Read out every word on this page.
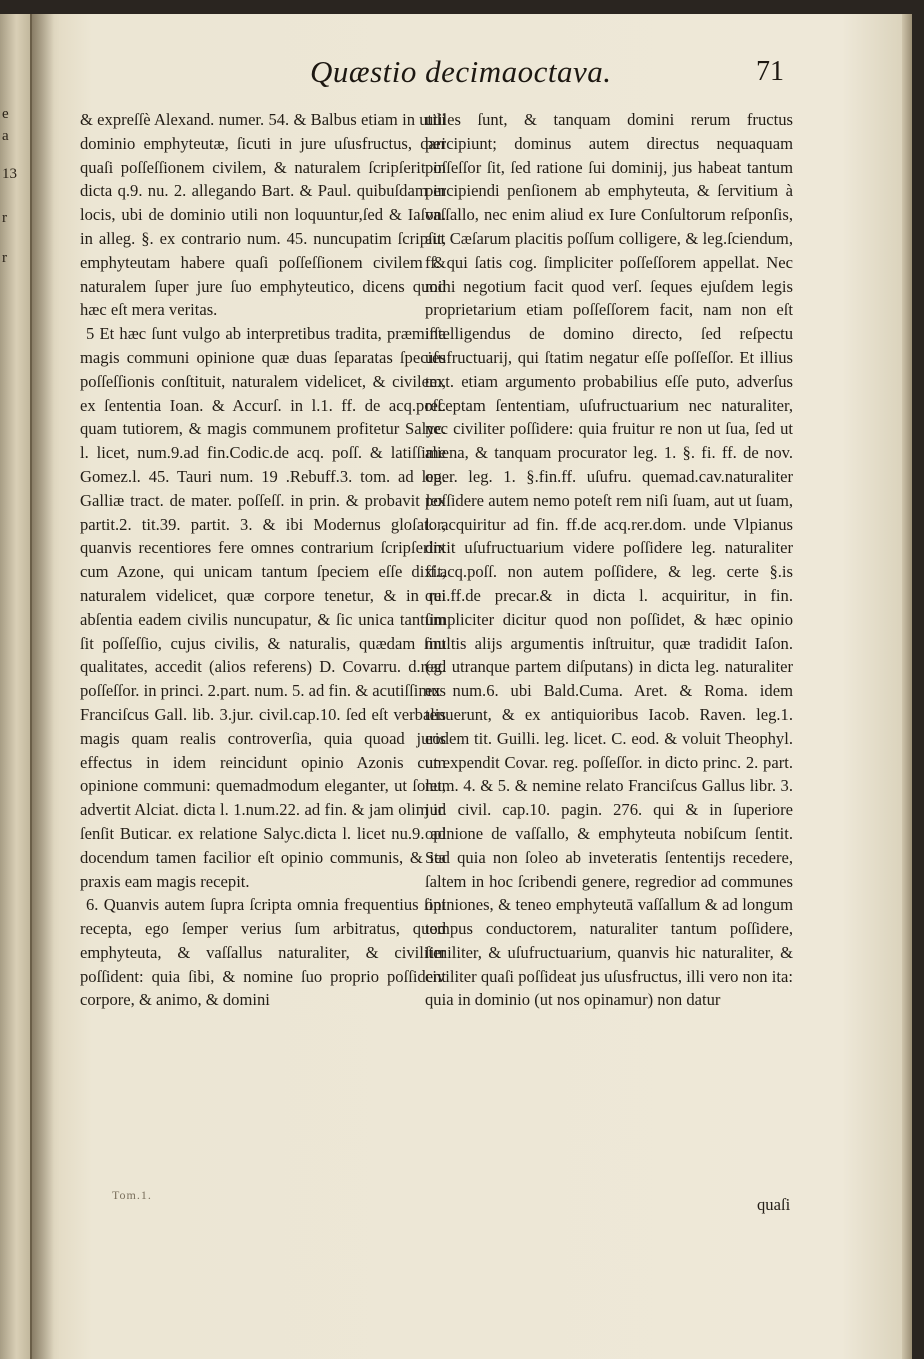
e
a
13
r
r
Quæstio decimaoctava.	71

& expreſſè Alexand. numer. 54. & Balbus etiam in utili dominio emphyteutæ, ſicuti in jure uſusfructus, dari quaſi poſſeſſionem civilem, & naturalem ſcripſerit in dicta q.9. nu. 2. allegando Bart. & Paul. quibuſdam in locis, ubi de dominio utili non loquuntur,ſed & Iaſon. in alleg. §. ex contrario num. 45. nuncupatim ſcripſit, emphyteutam habere quaſi poſſeſſionem civilem & naturalem ſuper jure ſuo emphyteutico, dicens quod hæc eſt mera veritas.

5 Et hæc ſunt vulgo ab interpretibus tradita, præmiſſa magis communi opinione quæ duas ſeparatas ſpecies poſſeſſionis conſtituit, naturalem videlicet, & civilem, ex ſententia Ioan. & Accurſ. in l.1. ff. de acq.poſſ. quam tutiorem, & magis communem profitetur Salyc. l. licet, num.9.ad fin.Codic.de acq. poſſ. & latiſſime Gomez.l. 45. Tauri num. 19 .Rebuff.3. tom. ad leg. Galliæ tract. de mater. poſſeſſ. in prin. & probavit lex partit.2. tit.39. partit. 3. & ibi Modernus gloſator, quanvis recentiores fere omnes contrarium ſcripſerint cum Azone, qui unicam tantum ſpeciem eſſe dixit, naturalem videlicet, quæ corpore tenetur, & in rei abſentia eadem civilis nuncupatur, & ſic unica tantum ſit poſſeſſio, cujus civilis, & naturalis, quædam ſint qualitates, accedit (alios referens) D. Covarru. d.reg. poſſeſſor. in princi. 2.part. num. 5. ad fin. & acutiſſimus Franciſcus Gall. lib. 3.jur. civil.cap.10. ſed eſt verbalis magis quam realis controverſia, quia quoad juris effectus in idem reincidunt opinio Azonis cum opinione communi: quemadmodum eleganter, ut ſolet, advertit Alciat. dicta l. 1.num.22. ad fin. & jam olim id ſenſit Buticar. ex relatione Salyc.dicta l. licet nu.9. ad docendum tamen facilior eſt opinio communis, & ita praxis eam magis recepit.

6. Quanvis autem ſupra ſcripta omnia frequentius ſint recepta, ego ſemper verius ſum arbitratus, quod emphyteuta, & vaſſallus naturaliter, & civiliter poſſident: quia ſibi, & nomine ſuo proprio poſſident corpore, & animo, & domini

utiles ſunt, & tanquam domini rerum fructus percipiunt; dominus autem directus nequaquam poſſeſſor ſit, ſed ratione ſui dominij, jus habeat tantum percipiendi penſionem ab emphyteuta, & ſervitium à vaſſallo, nec enim aliud ex Iure Conſultorum reſponſis, aut Cæſarum placitis poſſum colligere, & leg.ſciendum, ff. qui ſatis cog. ſimpliciter poſſeſſorem appellat. Nec mihi negotium facit quod verſ. ſeques ejuſdem legis proprietarium etiam poſſeſſorem facit, nam non eſt intelligendus de domino directo, ſed reſpectu uſufructuarij, qui ſtatim negatur eſſe poſſeſſor. Et illius text. etiam argumento probabilius eſſe puto, adverſus receptam ſententiam, uſufructuarium nec naturaliter, nec civiliter poſſidere: quia fruitur re non ut ſua, ſed ut aliena, & tanquam procurator leg. 1. §. fi. ff. de nov. oper. leg. 1. §.fin.ff. uſufru. quemad.cav.naturaliter poſſidere autem nemo poteſt rem niſi ſuam, aut ut ſuam, l. acquiritur ad fin. ff.de acq.rer.dom. unde Vlpianus dixit uſufructuarium videre poſſidere leg. naturaliter ff.acq.poſſ. non autem poſſidere, & leg. certe §.is qui.ff.de precar.& in dicta l. acquiritur, in fin. ſimpliciter dicitur quod non poſſidet, & hæc opinio multis alijs argumentis inſtruitur, quæ tradidit Iaſon. (ad utranque partem diſputans) in dicta leg. naturaliter ex num.6. ubi Bald.Cuma. Aret. & Roma. idem tenuerunt, & ex antiquioribus Iacob. Raven. leg.1. eodem tit. Guilli. leg. licet. C. eod. & voluit Theophyl. ut expendit Covar. reg. poſſeſſor. in dicto princ. 2. part. num. 4. & 5. & nemine relato Franciſcus Gallus libr. 3. jur. civil. cap.10. pagin. 276. qui & in ſuperiore opinione de vaſſallo, & emphyteuta nobiſcum ſentit. Sed quia non ſoleo ab inveteratis ſententijs recedere, ſaltem in hoc ſcribendi genere, regredior ad communes opiniones, & teneo emphyteutā vaſſallum & ad longum tempus conductorem, naturaliter tantum poſſidere, ſimiliter, & uſufructuarium, quanvis hic naturaliter, & civiliter quaſi poſſideat jus uſusfructus, illi vero non ita: quia in dominio (ut nos opinamur) non datur

Tom.1.	quaſi
